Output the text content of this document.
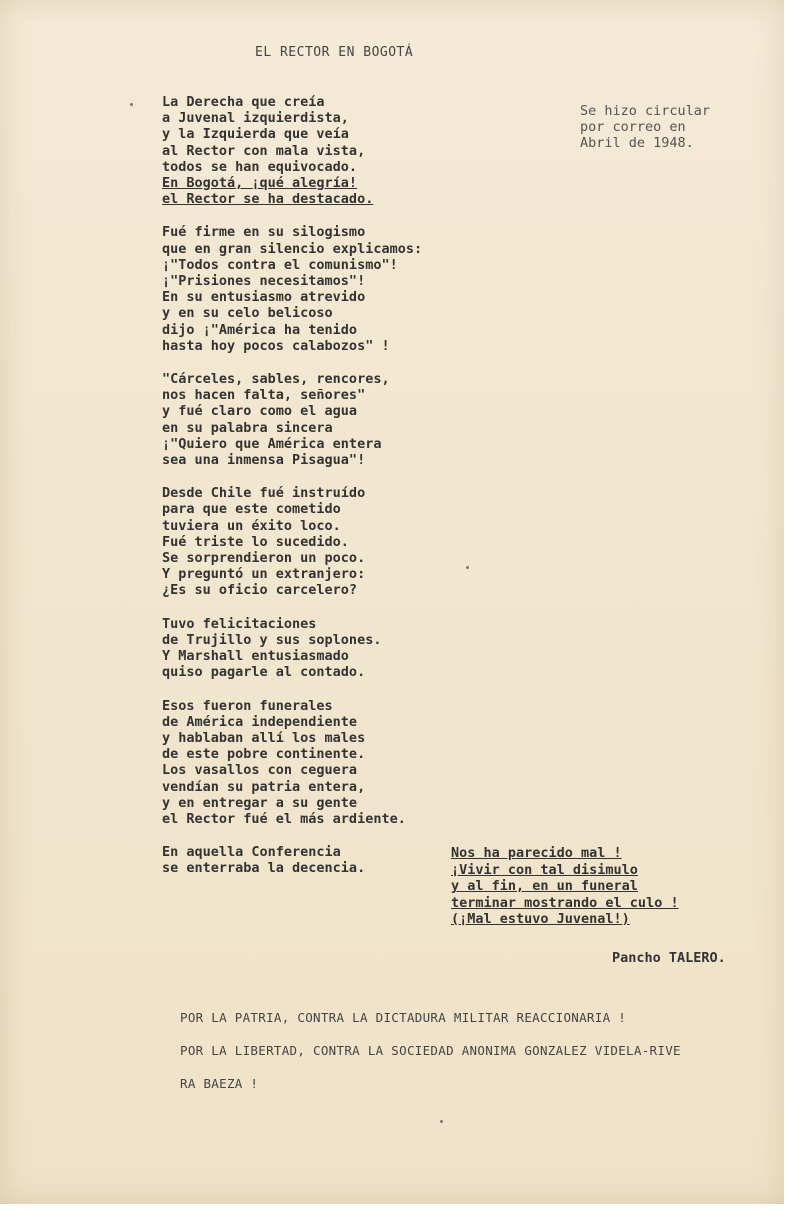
EL RECTOR EN BOGOTÁ
Se hizo circular
por correo en
Abril de 1948.
La Derecha que creía
a Juvenal izquierdista,
y la Izquierda que veía
al Rector con mala vista,
todos se han equivocado.
En Bogotá, ¡qué alegría!
el Rector se ha destacado.
Fué firme en su silogismo
que en gran silencio explicamos:
¡"Todos contra el comunismo"!
¡"Prisiones necesitamos"!
En su entusiasmo atrevido
y en su celo belicoso
dijo ¡"América ha tenido
hasta hoy pocos calabozos" !
"Cárceles, sables, rencores,
nos hacen falta, señores"
y fué claro como el agua
en su palabra sincera
¡"Quiero que América entera
sea una inmensa Pisagua"!
Desde Chile fué instruído
para que este cometido
tuviera un éxito loco.
Fué triste lo sucedido.
Se sorprendieron un poco.
Y preguntó un extranjero:
¿Es su oficio carcelero?
Tuvo felicitaciones
de Trujillo y sus soplones.
Y Marshall entusiasmado
quiso pagarle al contado.
Esos fueron funerales
de América independiente
y hablaban allí los males
de este pobre continente.
Los vasallos con ceguera
vendían su patria entera,
y en entregar a su gente
el Rector fué el más ardiente.
En aquella Conferencia
se enterraba la decencia.
Nos ha parecido mal !
¡Vivir con tal disimulo
y al fin, en un funeral
terminar mostrando el culo !
(¡Mal estuvo Juvenal!)
Pancho TALERO.
POR LA PATRIA, CONTRA LA DICTADURA MILITAR REACCIONARIA !
POR LA LIBERTAD, CONTRA LA SOCIEDAD ANONIMA GONZALEZ VIDELA-RIVE
RA BAEZA !
